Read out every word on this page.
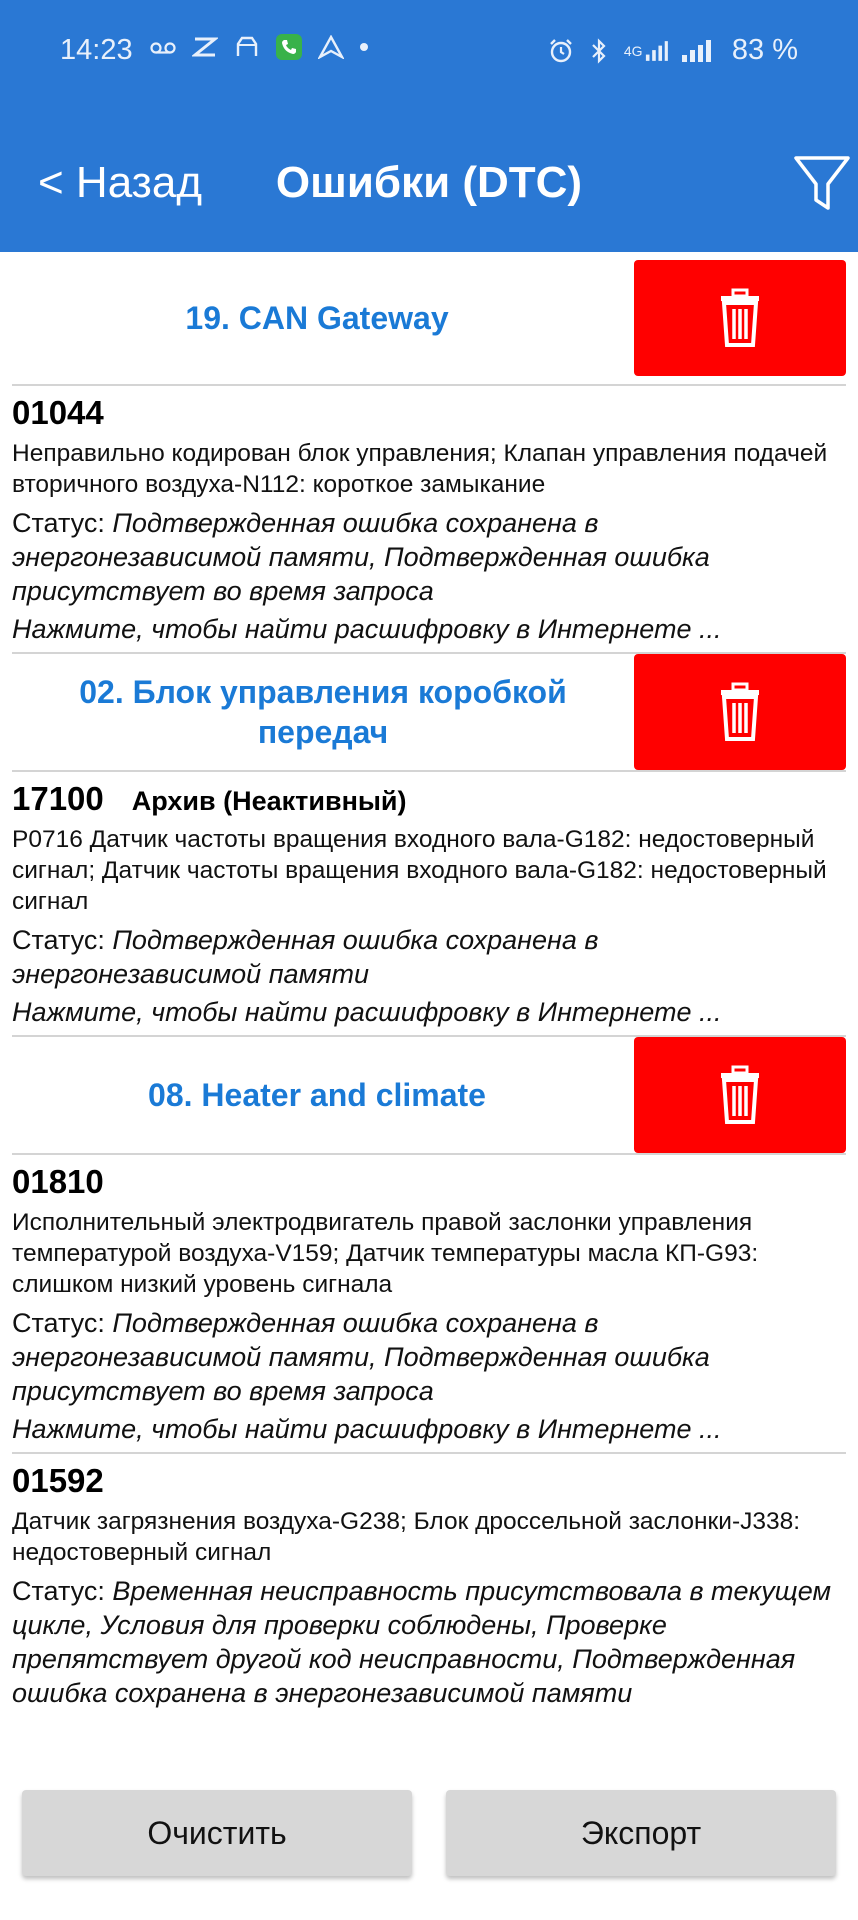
14:23	4G	83 %
< Назад	Ошибки (DTC)
19. CAN Gateway
01044
Неправильно кодирован блок управления; Клапан управления подачей вторичного воздуха-N112: короткое замыкание
Статус: Подтвержденная ошибка сохранена в энергонезависимой памяти, Подтвержденная ошибка присутствует во время запроса
Нажмите, чтобы найти расшифровку в Интернете ...
02. Блок управления коробкой передач
17100 Архив (Неактивный)
P0716 Датчик частоты вращения входного вала-G182: недостоверный сигнал; Датчик частоты вращения входного вала-G182: недостоверный сигнал
Статус: Подтвержденная ошибка сохранена в энергонезависимой памяти
Нажмите, чтобы найти расшифровку в Интернете ...
08. Heater and climate
01810
Исполнительный электродвигатель правой заслонки управления температурой воздуха-V159; Датчик температуры масла КП-G93: слишком низкий уровень сигнала
Статус: Подтвержденная ошибка сохранена в энергонезависимой памяти, Подтвержденная ошибка присутствует во время запроса
Нажмите, чтобы найти расшифровку в Интернете ...
01592
Датчик загрязнения воздуха-G238; Блок дроссельной заслонки-J338: недостоверный сигнал
Статус: Временная неисправность присутствовала в текущем цикле, Условия для проверки соблюдены, Проверке препятствует другой код неисправности, Подтвержденная ошибка сохранена в энергонезависимой памяти
Очистить	Экспорт
